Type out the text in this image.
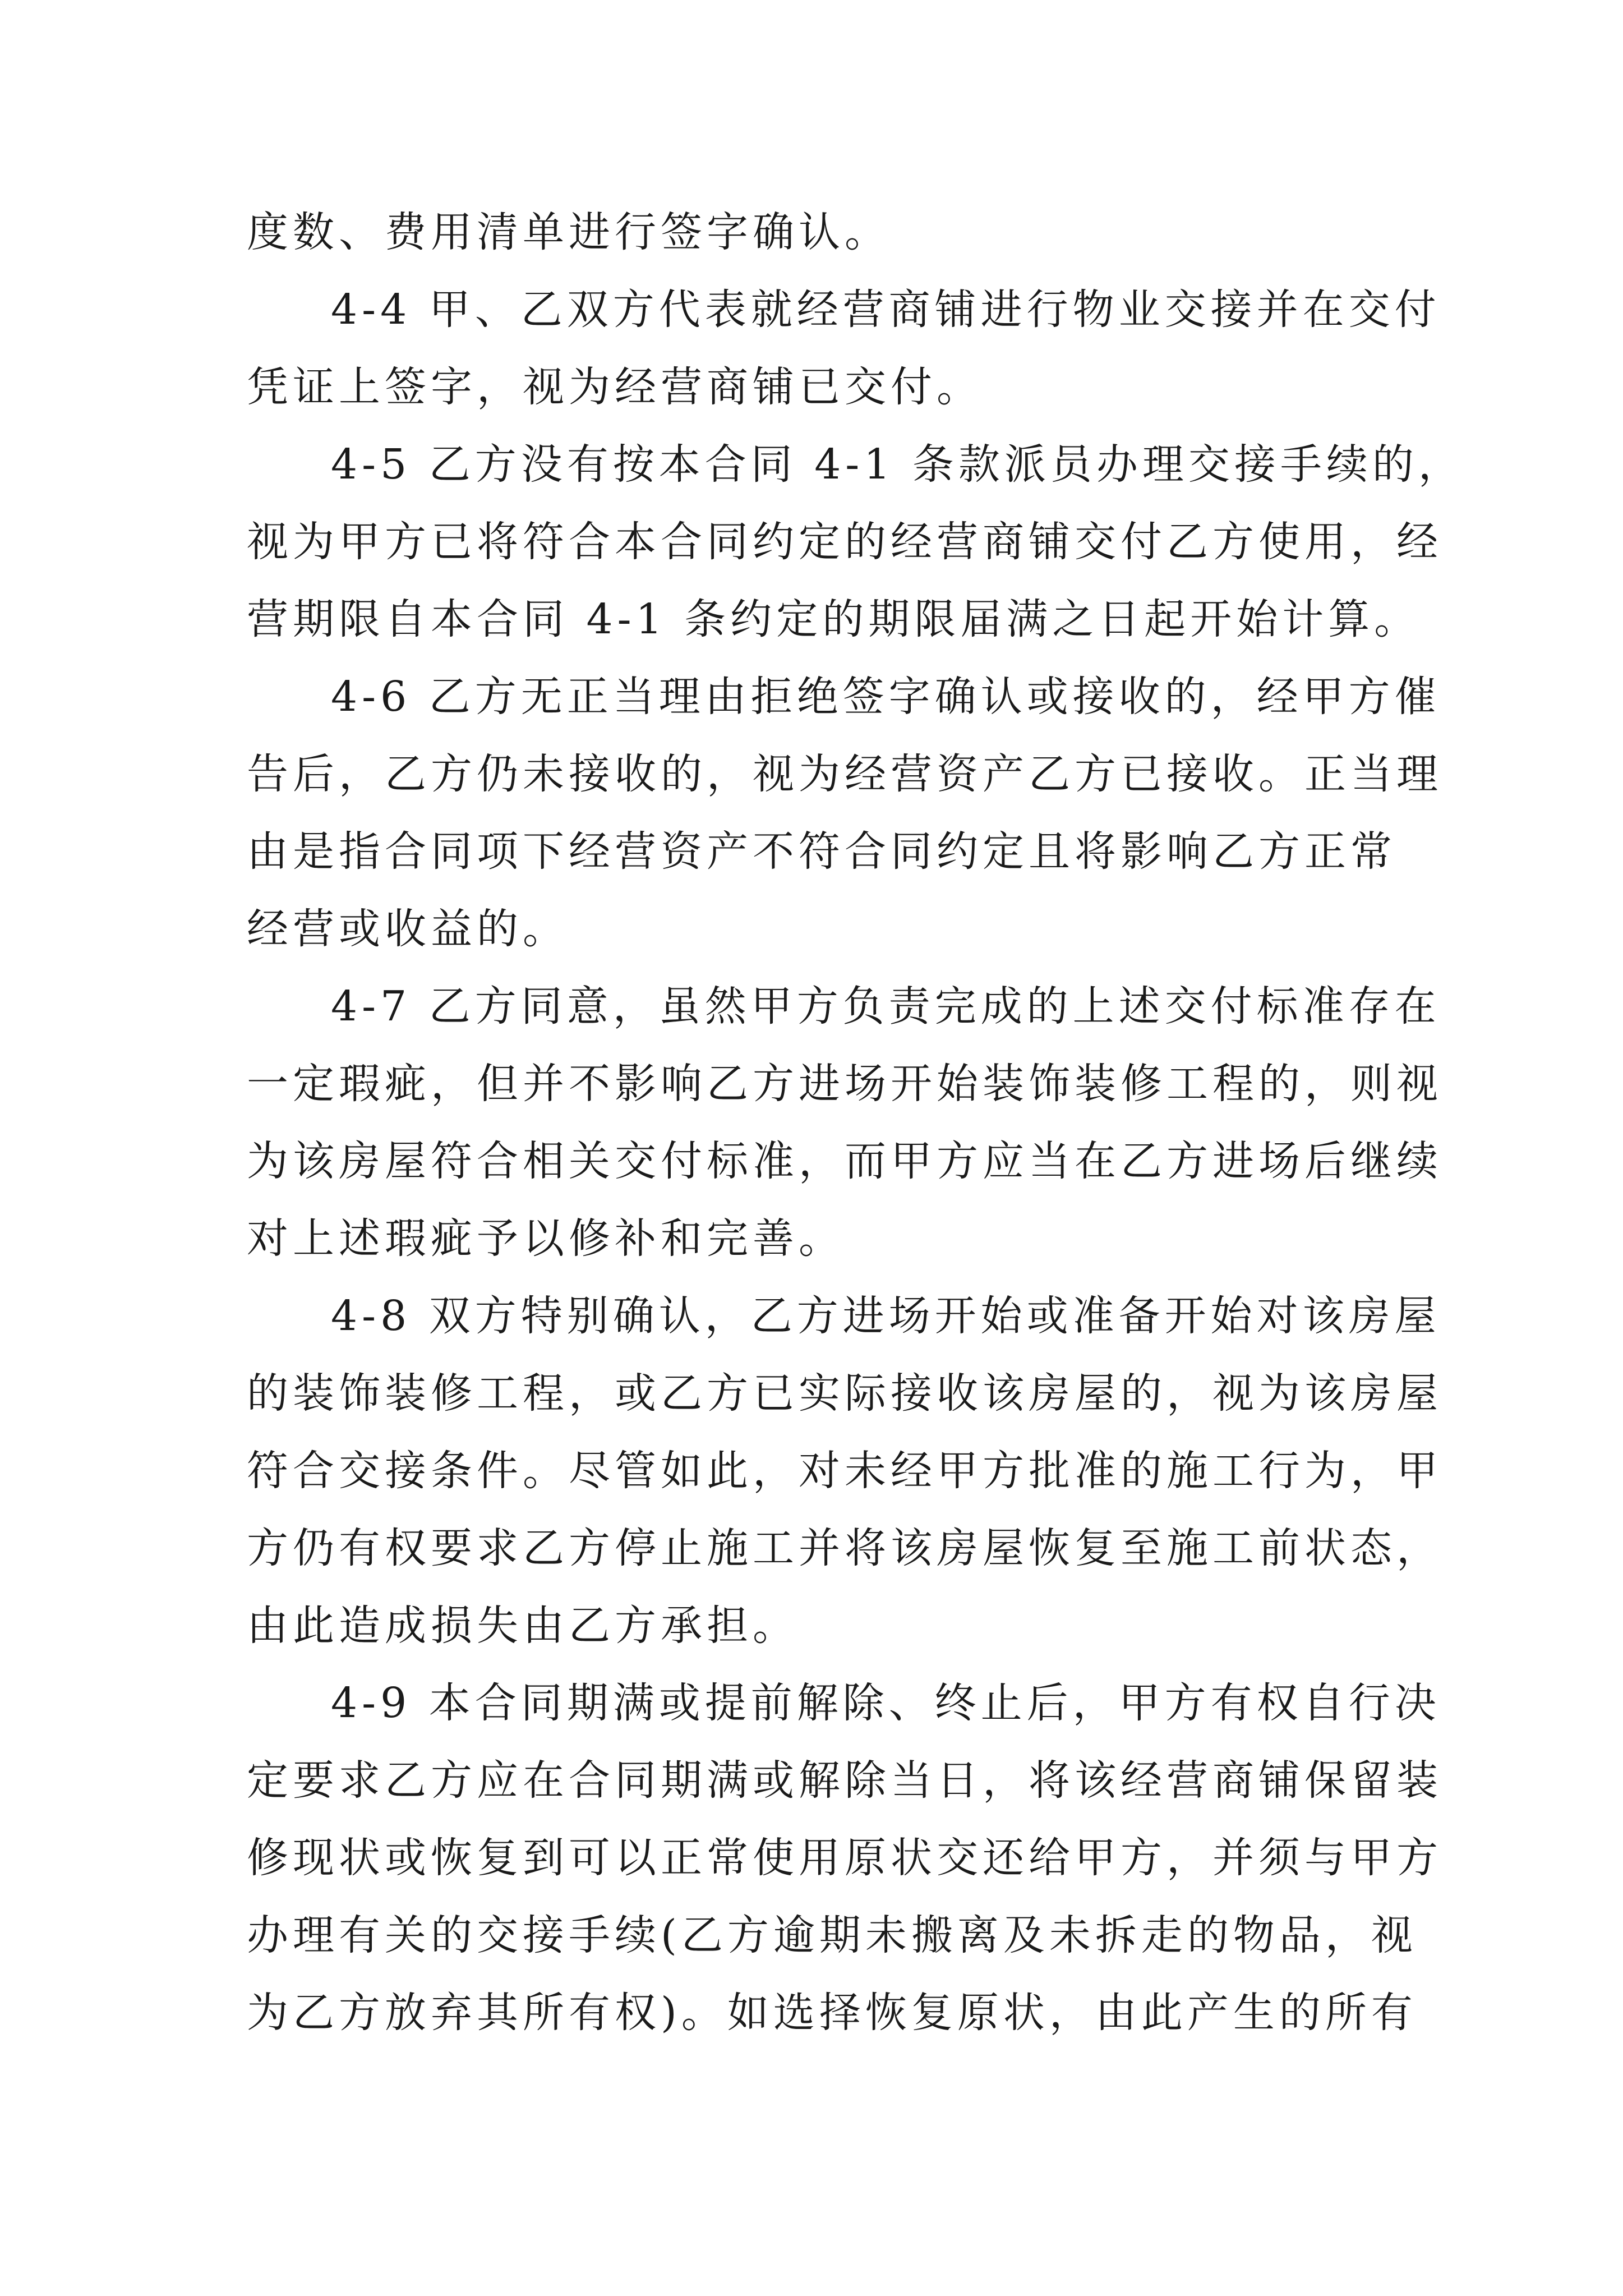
度数、费用清单进行签字确认。
4-4 甲、乙双方代表就经营商铺进行物业交接并在交付
凭证上签字，视为经营商铺已交付。
4-5 乙方没有按本合同 4-1 条款派员办理交接手续的，
视为甲方已将符合本合同约定的经营商铺交付乙方使用，经
营期限自本合同 4-1 条约定的期限届满之日起开始计算。
4-6 乙方无正当理由拒绝签字确认或接收的，经甲方催
告后，乙方仍未接收的，视为经营资产乙方已接收。正当理
由是指合同项下经营资产不符合同约定且将影响乙方正常
经营或收益的。
4-7 乙方同意，虽然甲方负责完成的上述交付标准存在
一定瑕疵，但并不影响乙方进场开始装饰装修工程的，则视
为该房屋符合相关交付标准，而甲方应当在乙方进场后继续
对上述瑕疵予以修补和完善。
4-8 双方特别确认，乙方进场开始或准备开始对该房屋
的装饰装修工程，或乙方已实际接收该房屋的，视为该房屋
符合交接条件。尽管如此，对未经甲方批准的施工行为，甲
方仍有权要求乙方停止施工并将该房屋恢复至施工前状态，
由此造成损失由乙方承担。
4-9 本合同期满或提前解除、终止后，甲方有权自行决
定要求乙方应在合同期满或解除当日，将该经营商铺保留装
修现状或恢复到可以正常使用原状交还给甲方，并须与甲方
办理有关的交接手续(乙方逾期未搬离及未拆走的物品，视
为乙方放弃其所有权)。如选择恢复原状，由此产生的所有
